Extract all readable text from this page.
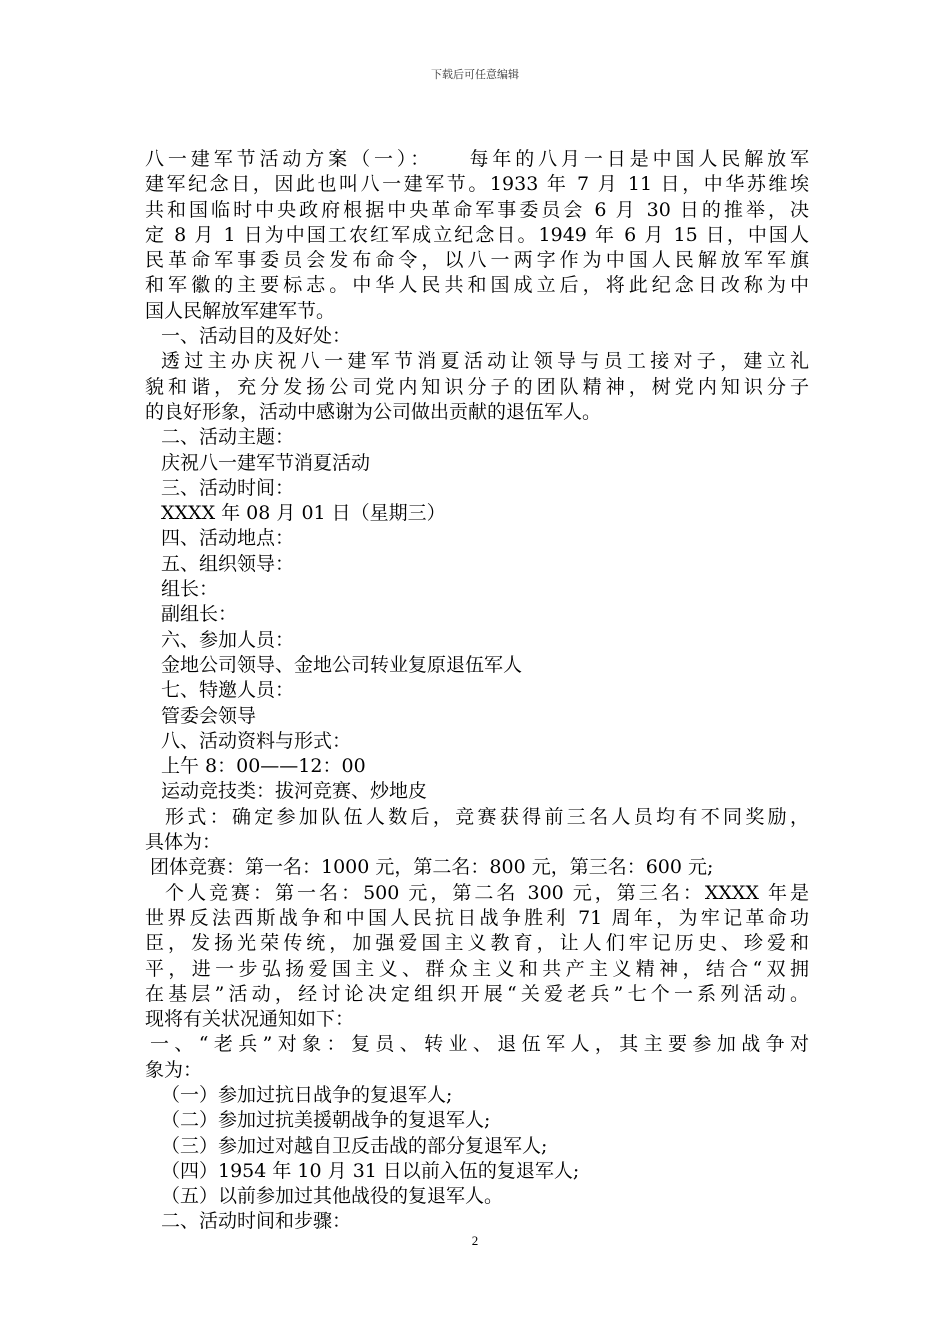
下载后可任意编辑
八一建军节活动方案（一）：　　每年的八月一日是中国人民解放军
建军纪念日，因此也叫八一建军节。1933 年 7 月 11 日，中华苏维埃
共和国临时中央政府根据中央革命军事委员会 6 月 30 日的推举，决
定 8 月 1 日为中国工农红军成立纪念日。1949 年 6 月 15 日，中国人
民革命军事委员会发布命令，以八一两字作为中国人民解放军军旗
和军徽的主要标志。中华人民共和国成立后，将此纪念日改称为中
国人民解放军建军节。
一、活动目的及好处：
透过主办庆祝八一建军节消夏活动让领导与员工接对子，建立礼
貌和谐，充分发扬公司党内知识分子的团队精神，树党内知识分子
的良好形象，活动中感谢为公司做出贡献的退伍军人。
二、活动主题：
庆祝八一建军节消夏活动
三、活动时间：
XXXX 年 08 月 01 日（星期三）
四、活动地点：
五、组织领导：
组长：
副组长：
六、参加人员：
金地公司领导、金地公司转业复原退伍军人
七、特邀人员：
管委会领导
八、活动资料与形式：
上午 8：00——12：00
运动竞技类：拔河竞赛、炒地皮
形式：确定参加队伍人数后，竞赛获得前三名人员均有不同奖励，
具体为：
团体竞赛：第一名：1000 元，第二名：800 元，第三名：600 元;
个人竞赛：第一名：500 元，第二名 300 元，第三名：XXXX 年是
世界反法西斯战争和中国人民抗日战争胜利 71 周年，为牢记革命功
臣，发扬光荣传统，加强爱国主义教育，让人们牢记历史、珍爱和
平，进一步弘扬爱国主义、群众主义和共产主义精神，结合“双拥
在基层”活动，经讨论决定组织开展“关爱老兵”七个一系列活动。
现将有关状况通知如下：
一、“老兵”对象：复员、转业、退伍军人，其主要参加战争对
象为：
（一）参加过抗日战争的复退军人;
（二）参加过抗美援朝战争的复退军人;
（三）参加过对越自卫反击战的部分复退军人;
（四）1954 年 10 月 31 日以前入伍的复退军人;
（五）以前参加过其他战役的复退军人。
二、活动时间和步骤：
2
